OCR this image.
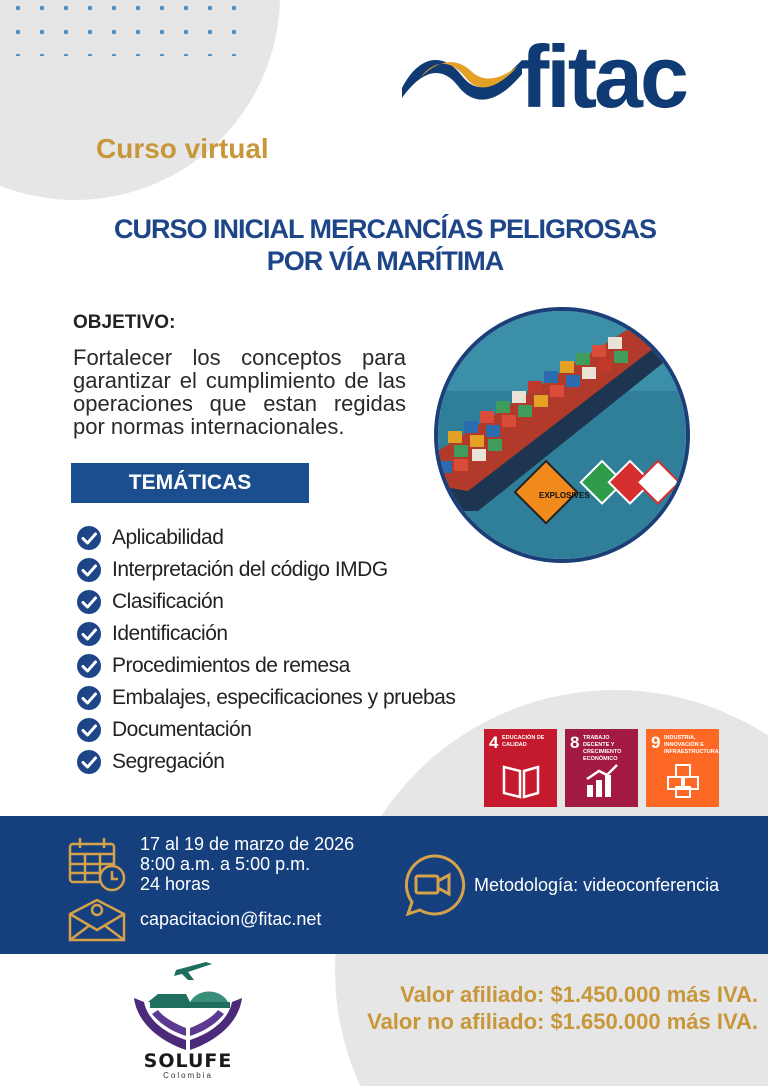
fitac
Curso virtual
CURSO INICIAL MERCANCÍAS PELIGROSAS
POR VÍA MARÍTIMA
OBJETIVO:
Fortalecer los conceptos para garantizar el cumplimiento de las operaciones que estan regidas por normas internacionales.
EXPLOSIVES
TEMÁTICAS
Aplicabilidad
Interpretación del código IMDG
Clasificación
Identificación
Procedimientos de remesa
Embalajes, especificaciones y pruebas
Documentación
Segregación
4 EDUCACIÓN DE CALIDAD	8 TRABAJO DECENTE Y CRECIMIENTO ECONÓMICO
9 INDUSTRIA, INNOVACIÓN E INFRAESTRUCTURA
17 al 19 de marzo de 2026
8:00 a.m. a 5:00 p.m.
24 horas
capacitacion@fitac.net
Metodología: videoconferencia
SOLUFE
Colombia
Valor afiliado: $1.450.000 más IVA.
Valor no afiliado: $1.650.000 más IVA.
